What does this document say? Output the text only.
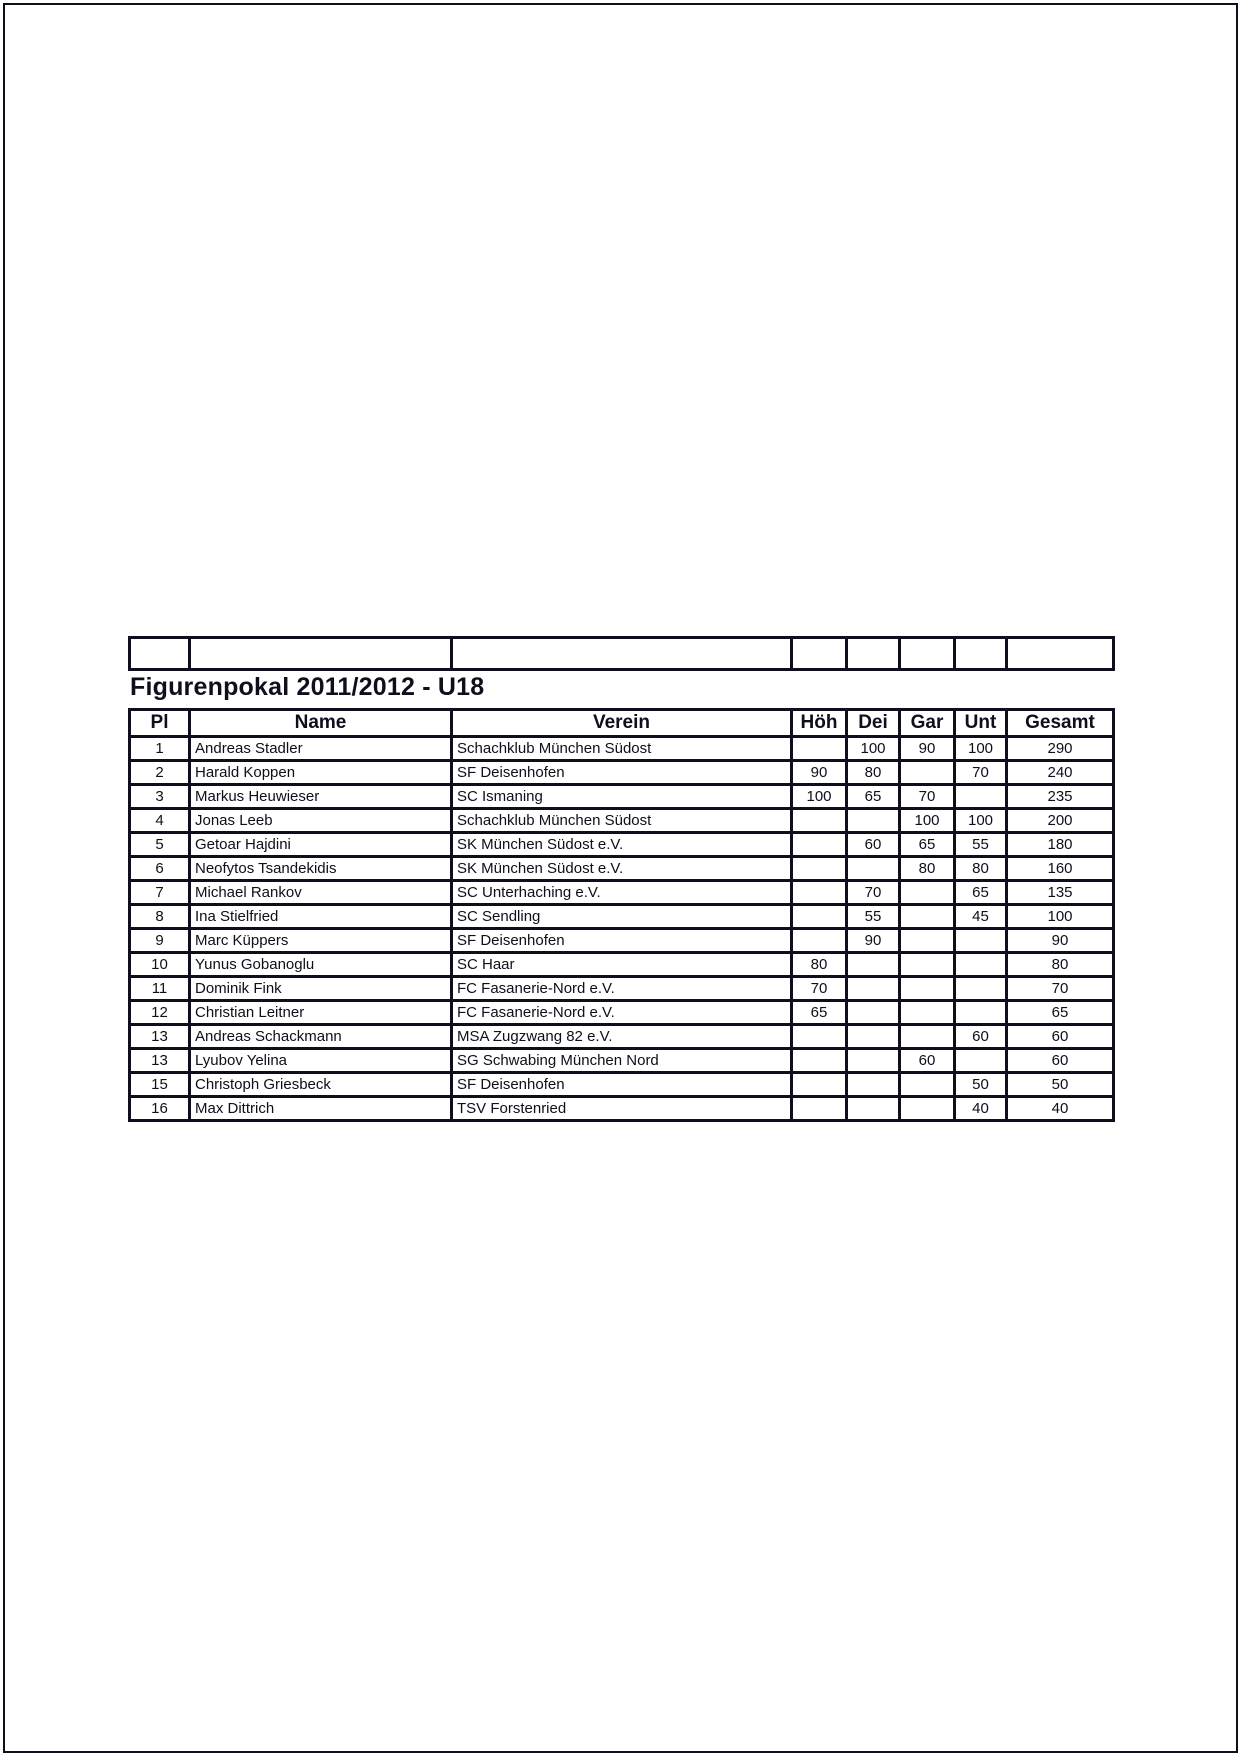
Figurenpokal 2011/2012 - U18
Pl	Name	Verein	Höh	Dei	Gar	Unt	Gesamt
1	Andreas Stadler	Schachklub München Südost		100	90	100	290
2	Harald Koppen	SF Deisenhofen	90	80		70	240
3	Markus Heuwieser	SC Ismaning	100	65	70		235
4	Jonas Leeb	Schachklub München Südost			100	100	200
5	Getoar Hajdini	SK München Südost e.V.		60	65	55	180
6	Neofytos Tsandekidis	SK München Südost e.V.			80	80	160
7	Michael Rankov	SC Unterhaching e.V.		70		65	135
8	Ina Stielfried	SC Sendling		55		45	100
9	Marc Küppers	SF Deisenhofen		90			90
10	Yunus Gobanoglu	SC Haar	80				80
11	Dominik Fink	FC Fasanerie-Nord e.V.	70				70
12	Christian Leitner	FC Fasanerie-Nord e.V.	65				65
13	Andreas Schackmann	MSA Zugzwang 82 e.V.				60	60
13	Lyubov Yelina	SG Schwabing München Nord			60		60
15	Christoph Griesbeck	SF Deisenhofen				50	50
16	Max Dittrich	TSV Forstenried				40	40
